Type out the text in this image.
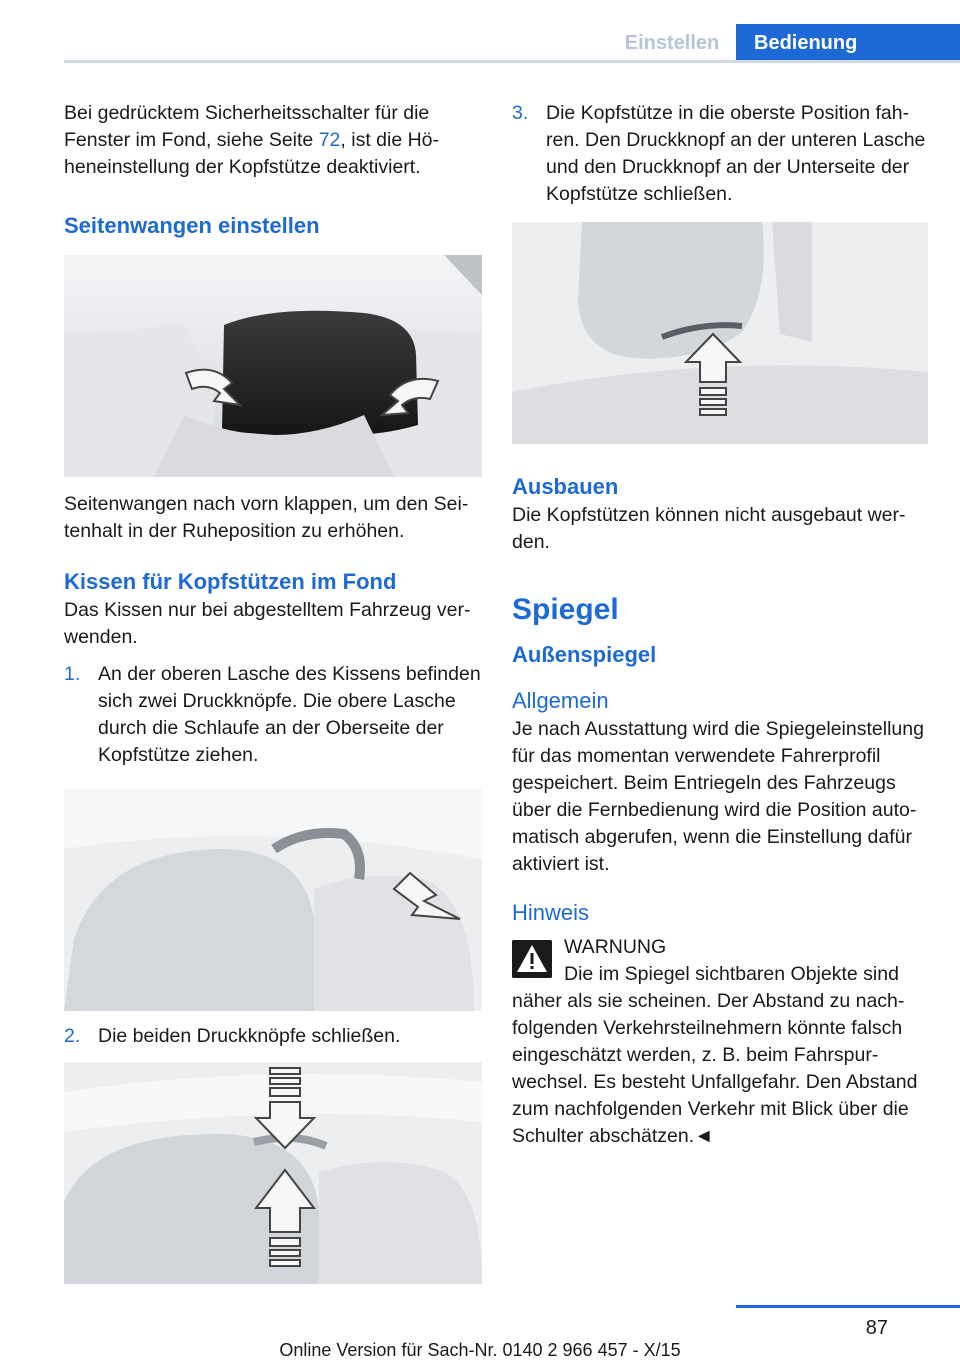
Einstellen	Bedienung

Bei gedrücktem Sicherheitsschalter für die Fenster im Fond, siehe Seite 72, ist die Höheneinstellung der Kopfstütze deaktiviert.

Seitenwangen einstellen

Seitenwangen nach vorn klappen, um den Seitenhalt in der Ruheposition zu erhöhen.

Kissen für Kopfstützen im Fond

Das Kissen nur bei abgestelltem Fahrzeug verwenden.

1. An der oberen Lasche des Kissens befinden sich zwei Druckknöpfe. Die obere Lasche durch die Schlaufe an der Oberseite der Kopfstütze ziehen.

2. Die beiden Druckknöpfe schließen.

3. Die Kopfstütze in die oberste Position fahren. Den Druckknopf an der unteren Lasche und den Druckknopf an der Unterseite der Kopfstütze schließen.

Ausbauen

Die Kopfstützen können nicht ausgebaut werden.

Spiegel
Außenspiegel
Allgemein

Je nach Ausstattung wird die Spiegeleinstellung für das momentan verwendete Fahrerprofil gespeichert. Beim Entriegeln des Fahrzeugs über die Fernbedienung wird die Position automatisch abgerufen, wenn die Einstellung dafür aktiviert ist.

Hinweis

WARNUNG

Die im Spiegel sichtbaren Objekte sind näher als sie scheinen. Der Abstand zu nachfolgenden Verkehrsteilnehmern könnte falsch eingeschätzt werden, z. B. beim Fahrspurwechsel. Es besteht Unfallgefahr. Den Abstand zum nachfolgenden Verkehr mit Blick über die Schulter abschätzen.◄

87
Online Version für Sach-Nr. 0140 2 966 457 - X/15
